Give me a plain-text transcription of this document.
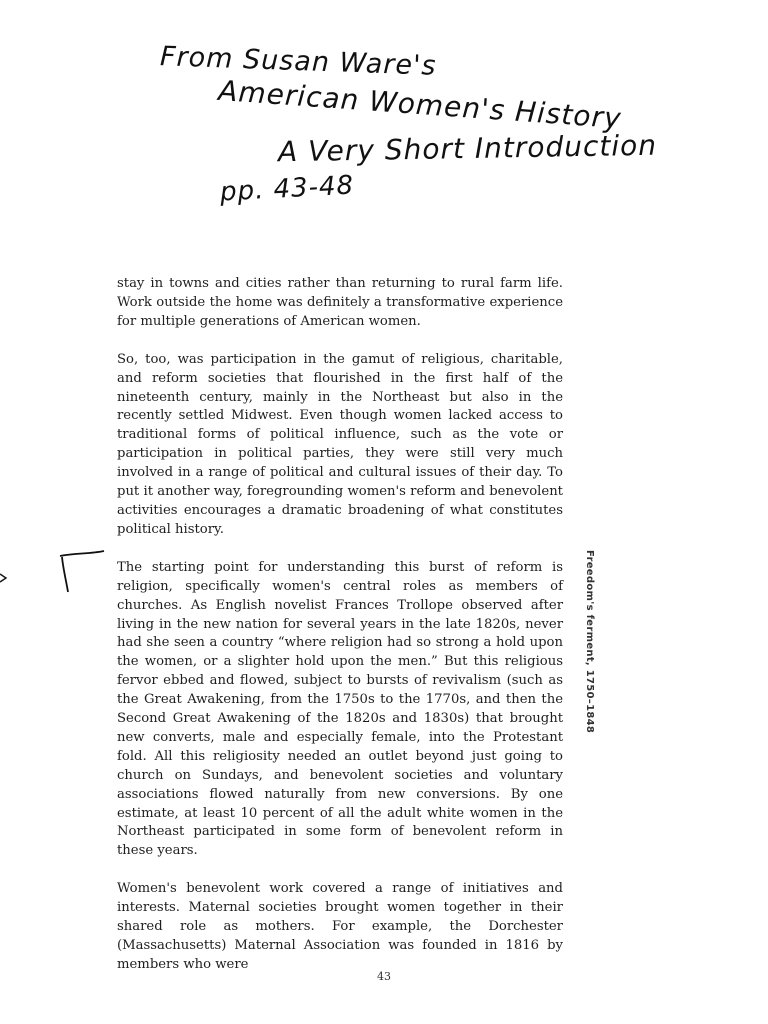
From Susan Ware's
American Women's History
A Very Short Introduction
pp. 43-48

stay in towns and cities rather than returning to rural farm life. Work outside the home was definitely a transformative experience for multiple generations of American women.

So, too, was participation in the gamut of religious, charitable, and reform societies that flourished in the first half of the nineteenth century, mainly in the Northeast but also in the recently settled Midwest. Even though women lacked access to traditional forms of political influence, such as the vote or participation in political parties, they were still very much involved in a range of political and cultural issues of their day. To put it another way, foregrounding women's reform and benevolent activities encourages a dramatic broadening of what constitutes political history.

The starting point for understanding this burst of reform is religion, specifically women's central roles as members of churches. As English novelist Frances Trollope observed after living in the new nation for several years in the late 1820s, never had she seen a country “where religion had so strong a hold upon the women, or a slighter hold upon the men.” But this religious fervor ebbed and flowed, subject to bursts of revivalism (such as the Great Awakening, from the 1750s to the 1770s, and then the Second Great Awakening of the 1820s and 1830s) that brought new converts, male and especially female, into the Protestant fold. All this religiosity needed an outlet beyond just going to church on Sundays, and benevolent societies and voluntary associations flowed naturally from new conversions. By one estimate, at least 10 percent of all the adult white women in the Northeast participated in some form of benevolent reform in these years.

Women's benevolent work covered a range of initiatives and interests. Maternal societies brought women together in their shared role as mothers. For example, the Dorchester (Massachusetts) Maternal Association was founded in 1816 by members who were

Freedom's ferment, 1750–1848
43
